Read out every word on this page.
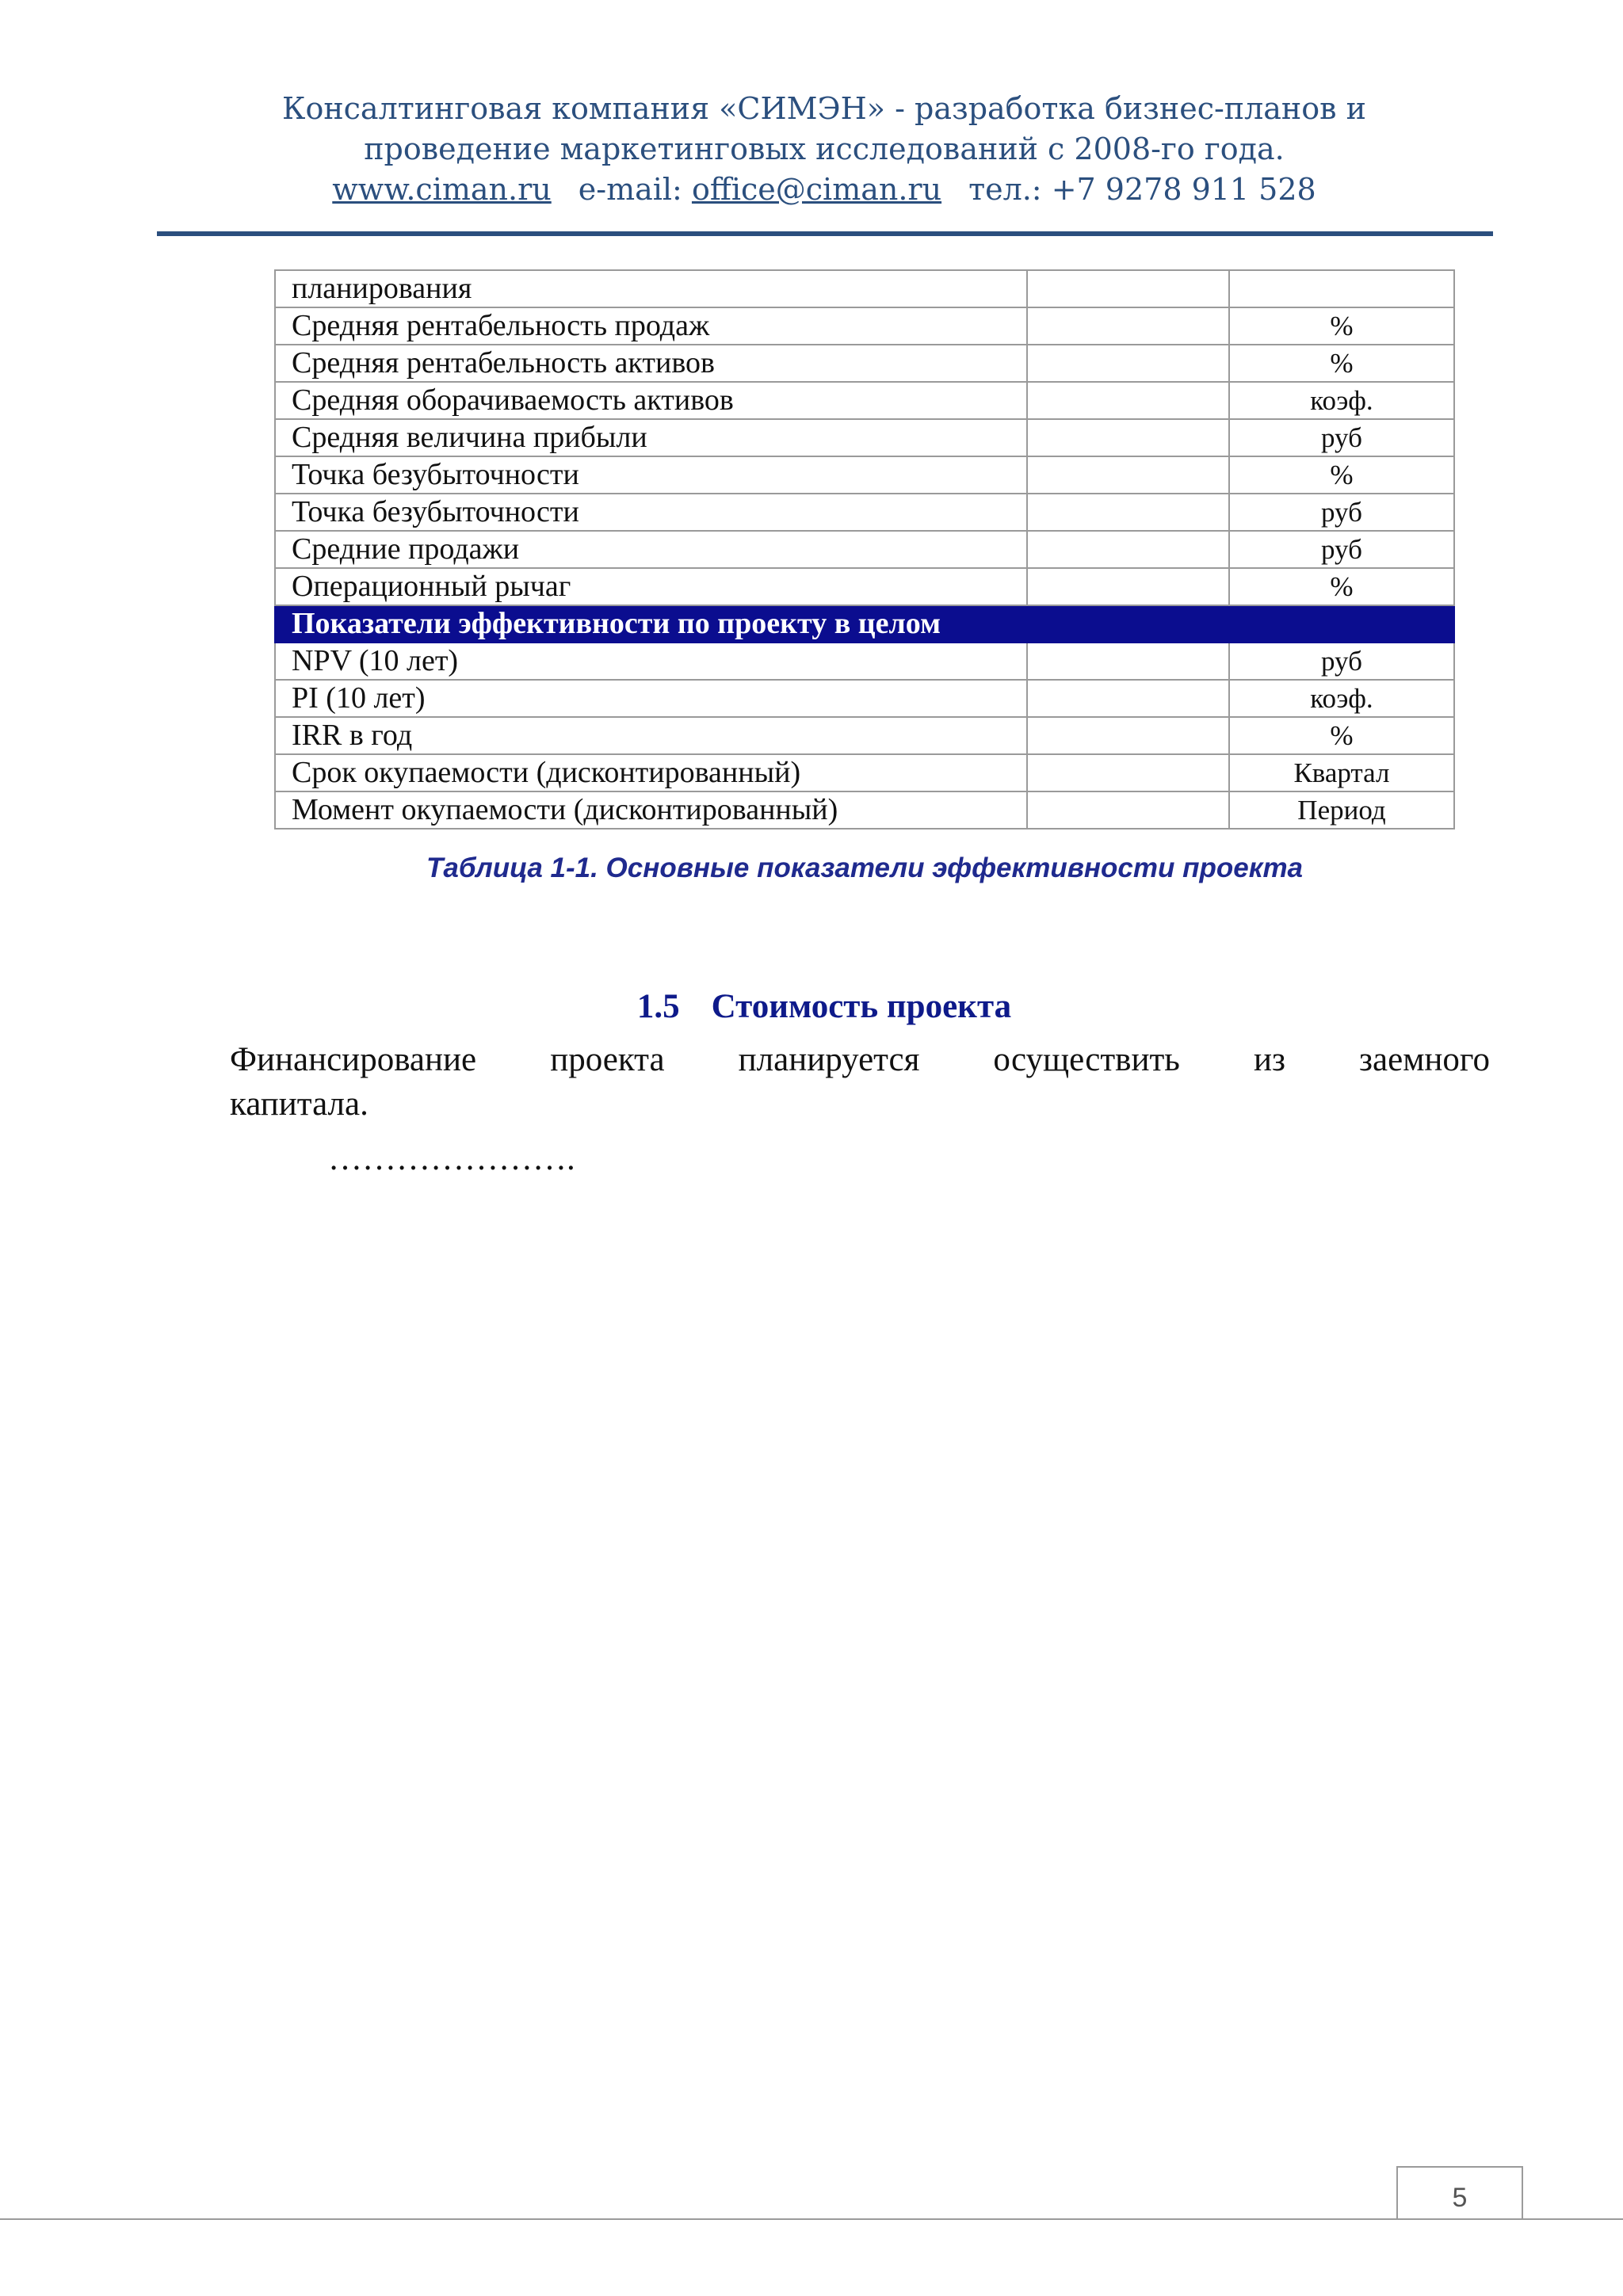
Консалтинговая компания «СИМЭН» - разработка бизнес-планов и
проведение маркетинговых исследований с 2008-го года.
www.ciman.ru e-mail: office@ciman.ru тел.: +7 9278 911 528
планирования		
Средняя рентабельность продаж		%
Средняя рентабельность активов		%
Средняя оборачиваемость активов		коэф.
Средняя величина прибыли		руб
Точка безубыточности		%
Точка безубыточности		руб
Средние продажи		руб
Операционный рычаг		%
Показатели эффективности по проекту в целом		
NPV (10 лет)		руб
PI (10 лет)		коэф.
IRR в год		%
Срок окупаемости (дисконтированный)		Квартал
Момент окупаемости (дисконтированный)		Период
Таблица 1-1. Основные показатели эффективности проекта
1.5 Стоимость проекта
Финансирование проекта планируется осуществить из заемного
капитала.
………………….
5
